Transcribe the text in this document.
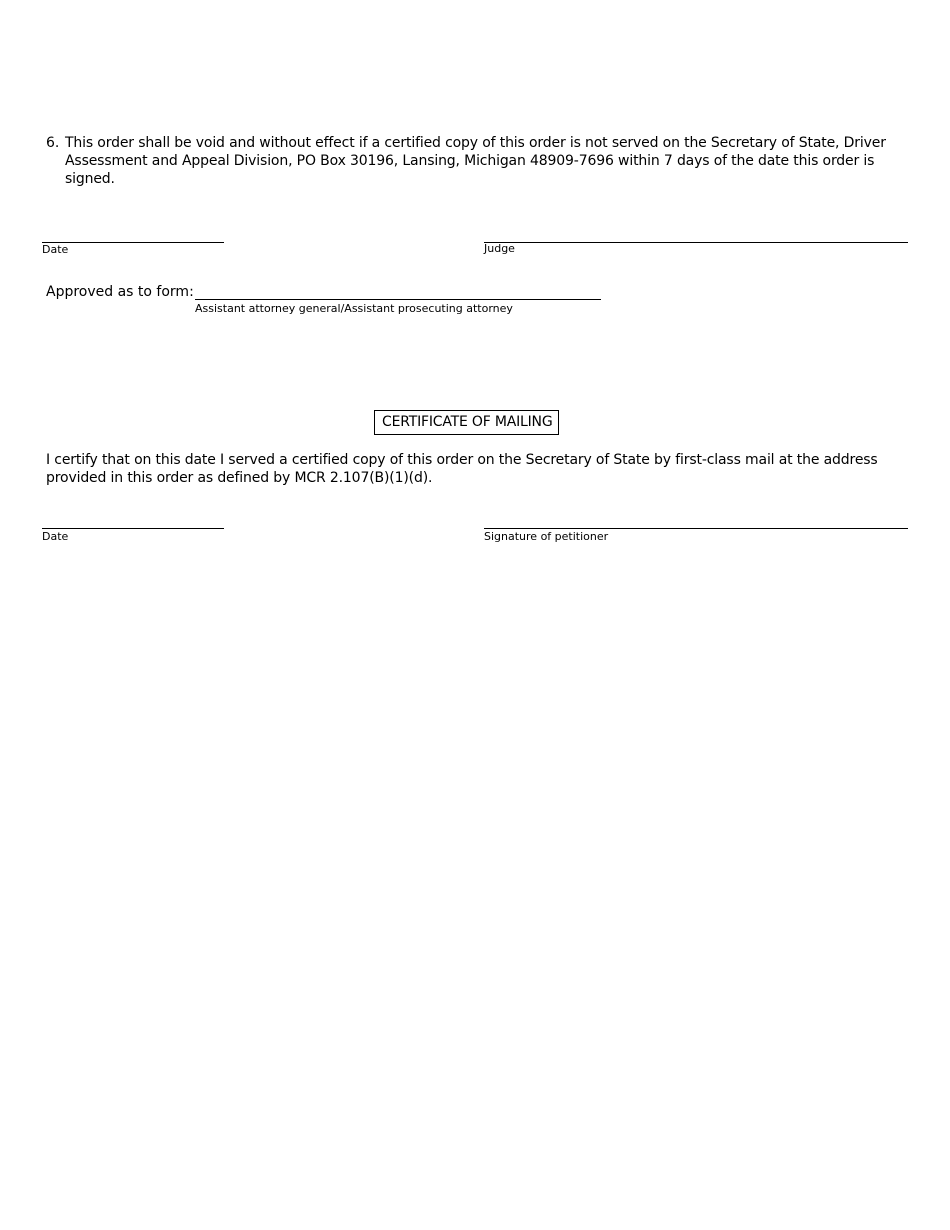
6. This order shall be void and without effect if a certified copy of this order is not served on the Secretary of State, Driver Assessment and Appeal Division, PO Box 30196, Lansing, Michigan 48909-7696 within 7 days of the date this order is signed.
Date	Judge
Approved as to form:
Assistant attorney general/Assistant prosecuting attorney
CERTIFICATE OF MAILING
I certify that on this date I served a certified copy of this order on the Secretary of State by first-class mail at the address provided in this order as defined by MCR 2.107(B)(1)(d).
Date	Signature of petitioner
